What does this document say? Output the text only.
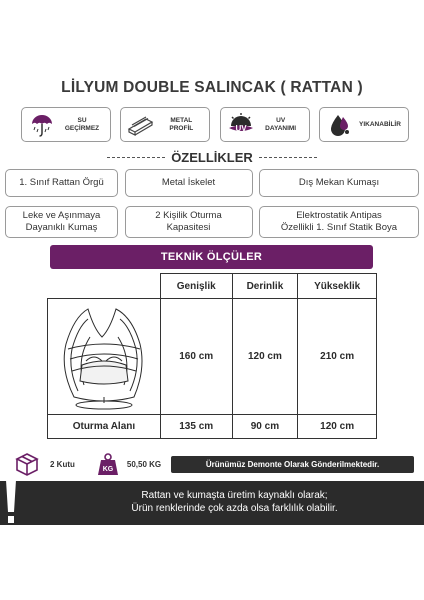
LİLYUM DOUBLE SALINCAK ( RATTAN )
SU
GEÇİRMEZ
METAL
PROFİL	UV
UV
DAYANIMI
YIKANABİLİR
ÖZELLİKLER
1. Sınıf Rattan Örgü	Metal İskelet	Dış Mekan Kumaşı
Leke ve Aşınmaya
Dayanıklı Kumaş
2 Kişilik Oturma
Kapasitesi
Elektrostatik Antipas
Özellikli 1. Sınıf Statik Boya
TEKNİK ÖLÇÜLER
	Genişlik	Derinlik	Yükseklik
	160 cm	120 cm	210 cm
Oturma Alanı	135 cm	90 cm	120 cm
2 Kutu
KG
50,50 KG	Ürünümüz Demonte Olarak Gönderilmektedir.
Rattan ve kumaşta üretim kaynaklı olarak;
Ürün renklerinde çok azda olsa farklılık olabilir.
